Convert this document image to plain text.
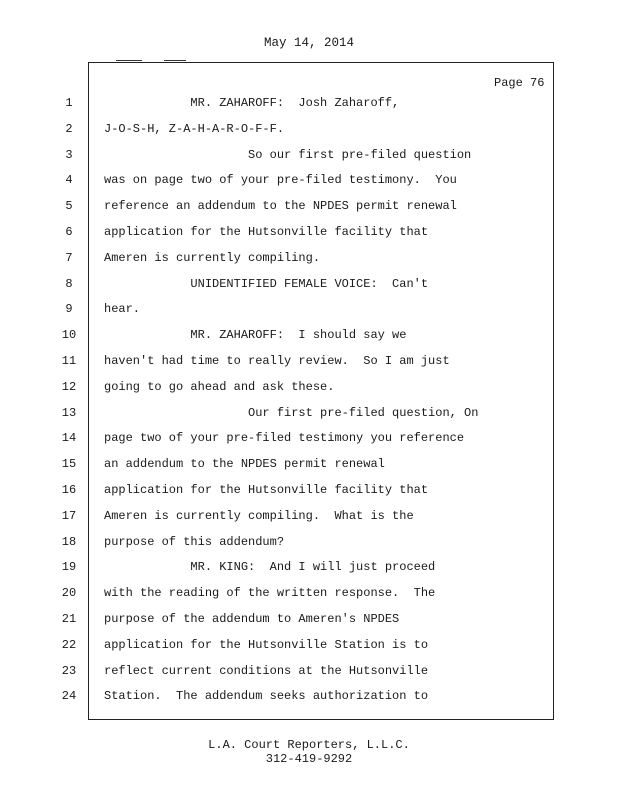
May 14, 2014
Page 76
1	MR. ZAHAROFF:  Josh Zaharoff,
2	J-O-S-H, Z-A-H-A-R-O-F-F.
3	So our first pre-filed question
4	was on page two of your pre-filed testimony.  You
5	reference an addendum to the NPDES permit renewal
6	application for the Hutsonville facility that
7	Ameren is currently compiling.
8	UNIDENTIFIED FEMALE VOICE:  Can't
9	hear.
10	MR. ZAHAROFF:  I should say we
11	haven't had time to really review.  So I am just
12	going to go ahead and ask these.
13	Our first pre-filed question, On
14	page two of your pre-filed testimony you reference
15	an addendum to the NPDES permit renewal
16	application for the Hutsonville facility that
17	Ameren is currently compiling.  What is the
18	purpose of this addendum?
19	MR. KING:  And I will just proceed
20	with the reading of the written response.  The
21	purpose of the addendum to Ameren's NPDES
22	application for the Hutsonville Station is to
23	reflect current conditions at the Hutsonville
24	Station.  The addendum seeks authorization to
L.A. Court Reporters, L.L.C.
312-419-9292
